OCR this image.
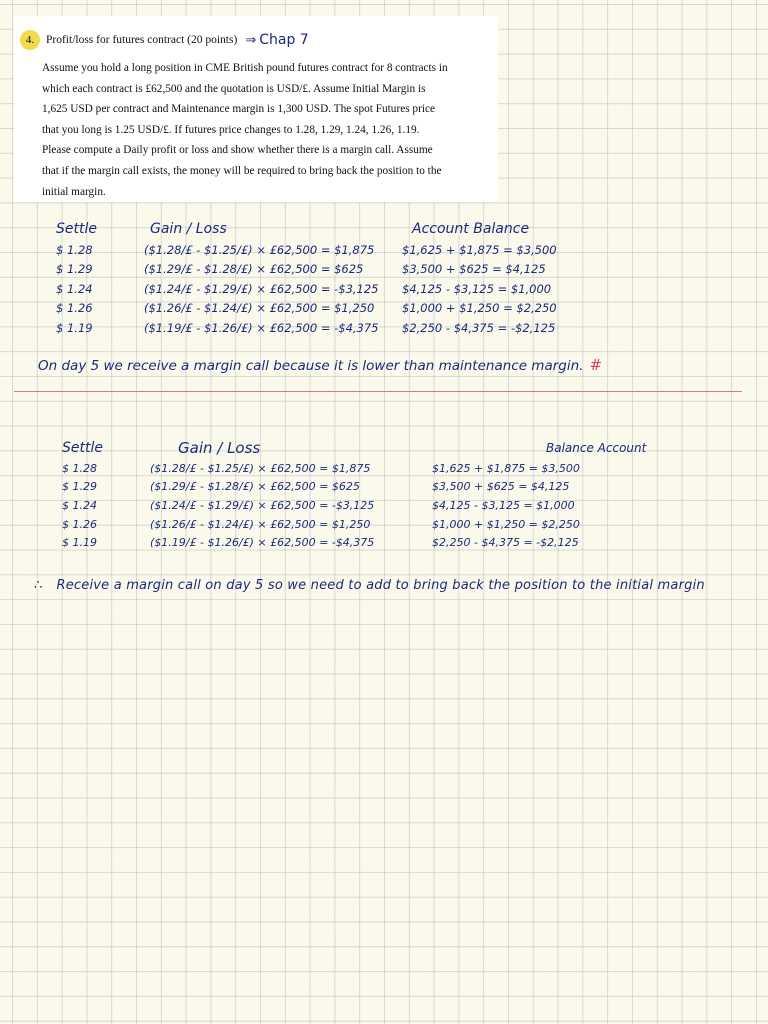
4.	Profit/loss for futures contract (20 points) ⇒ Chap 7
Assume you hold a long position in CME British pound futures contract for 8 contracts in
which each contract is £62,500 and the quotation is USD/£. Assume Initial Margin is
1,625 USD per contract and Maintenance margin is 1,300 USD. The spot Futures price
that you long is 1.25 USD/£. If futures price changes to 1.28, 1.29, 1.24, 1.26, 1.19.
Please compute a Daily profit or loss and show whether there is a margin call. Assume
that if the margin call exists, the money will be required to bring back the position to the
initial margin.
Settle	Gain / Loss	Account Balance
$ 1.28	($1.28/£ - $1.25/£) × £62,500 = $1,875	$1,625 + $1,875 = $3,500
$ 1.29	($1.29/£ - $1.28/£) × £62,500 = $625	$3,500 + $625 = $4,125
$ 1.24	($1.24/£ - $1.29/£) × £62,500 = -$3,125	$4,125 - $3,125 = $1,000
$ 1.26	($1.26/£ - $1.24/£) × £62,500 = $1,250	$1,000 + $1,250 = $2,250
$ 1.19	($1.19/£ - $1.26/£) × £62,500 = -$4,375	$2,250 - $4,375 = -$2,125
On day 5 we receive a margin call because it is lower than maintenance margin. #
Settle	Gain / Loss	Balance Account
$ 1.28	($1.28/£ - $1.25/£) × £62,500 = $1,875	$1,625 + $1,875 = $3,500
$ 1.29	($1.29/£ - $1.28/£) × £62,500 = $625	$3,500 + $625 = $4,125
$ 1.24	($1.24/£ - $1.29/£) × £62,500 = -$3,125	$4,125 - $3,125 = $1,000
$ 1.26	($1.26/£ - $1.24/£) × £62,500 = $1,250	$1,000 + $1,250 = $2,250
$ 1.19	($1.19/£ - $1.26/£) × £62,500 = -$4,375	$2,250 - $4,375 = -$2,125
∴ Receive a margin call on day 5 so we need to add to bring back the position to the initial margin
